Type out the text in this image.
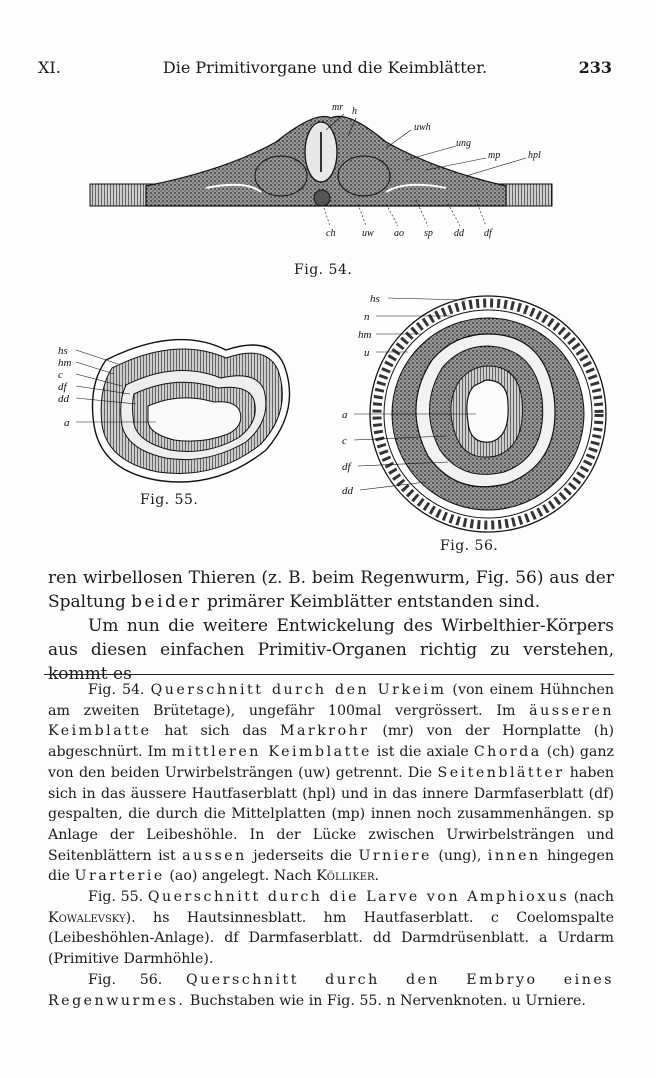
XI.	Die Primitivorgane und die Keimblätter.	233
mr h
uwh
ung
mp	hpl
ch	uw ao sp dd df
Fig. 54.
hs
hm
c
df
dd
a
Fig. 55.
hs
n
hm
u
a
c
df
dd
Fig. 56.

ren wirbellosen Thieren (z. B. beim Regenwurm, Fig. 56) aus der Spaltung beider primärer Keimblätter entstanden sind.

Um nun die weitere Entwickelung des Wirbelthier-Körpers aus diesen einfachen Primitiv-Organen richtig zu verstehen, kommt es

Fig. 54. Querschnitt durch den Urkeim (von einem Hühnchen am zweiten Brütetage), ungefähr 100mal vergrössert. Im äusseren Keimblatte hat sich das Markrohr (mr) von der Hornplatte (h) abgeschnürt. Im mittleren Keimblatte ist die axiale Chorda (ch) ganz von den beiden Urwirbelsträngen (uw) getrennt. Die Seitenblätter haben sich in das äussere Hautfaserblatt (hpl) und in das innere Darmfaserblatt (df) gespalten, die durch die Mittelplatten (mp) innen noch zusammenhängen. sp Anlage der Leibeshöhle. In der Lücke zwischen Urwirbelsträngen und Seitenblättern ist aussen jederseits die Urniere (ung), innen hingegen die Urarterie (ao) angelegt. Nach Kölliker.

Fig. 55. Querschnitt durch die Larve von Amphioxus (nach Kowalevsky). hs Hautsinnesblatt. hm Hautfaserblatt. c Coelomspalte (Leibeshöhlen-Anlage). df Darmfaserblatt. dd Darmdrüsenblatt. a Urdarm (Primitive Darmhöhle).

Fig. 56. Querschnitt durch den Embryo eines Regenwurmes. Buchstaben wie in Fig. 55. n Nervenknoten. u Urniere.
